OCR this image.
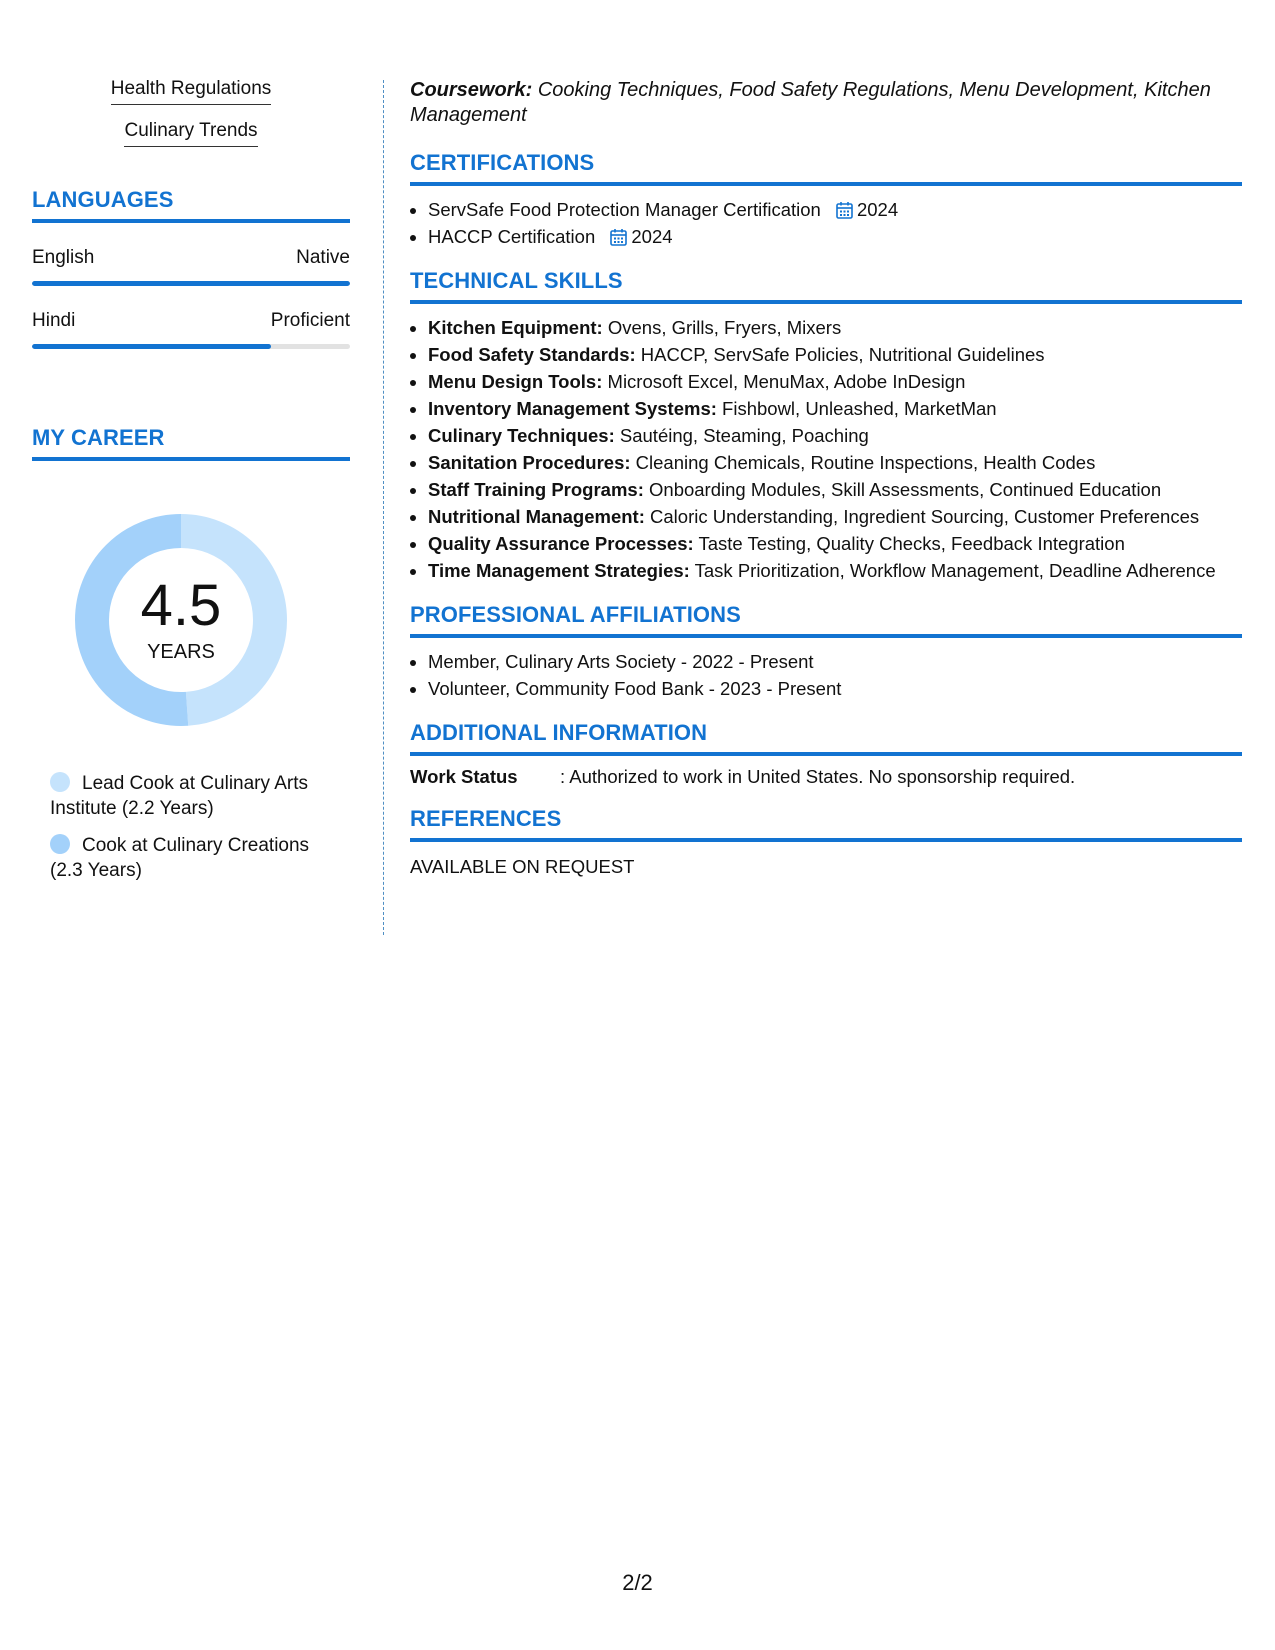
Health Regulations
Culinary Trends
LANGUAGES
English	Native
Hindi	Proficient
MY CAREER
4.5
YEARS
Lead Cook at Culinary Arts Institute (2.2 Years)
Cook at Culinary Creations (2.3 Years)

Coursework: Cooking Techniques, Food Safety Regulations, Menu Development, Kitchen Management

CERTIFICATIONS
• ServSafe Food Protection Manager Certification 2024
• HACCP Certification 2024
TECHNICAL SKILLS
• Kitchen Equipment: Ovens, Grills, Fryers, Mixers
• Food Safety Standards: HACCP, ServSafe Policies, Nutritional Guidelines
• Menu Design Tools: Microsoft Excel, MenuMax, Adobe InDesign
• Inventory Management Systems: Fishbowl, Unleashed, MarketMan
• Culinary Techniques: Sautéing, Steaming, Poaching
• Sanitation Procedures: Cleaning Chemicals, Routine Inspections, Health Codes
• Staff Training Programs: Onboarding Modules, Skill Assessments, Continued Education
• Nutritional Management: Caloric Understanding, Ingredient Sourcing, Customer Preferences
• Quality Assurance Processes: Taste Testing, Quality Checks, Feedback Integration
• Time Management Strategies: Task Prioritization, Workflow Management, Deadline Adherence
PROFESSIONAL AFFILIATIONS
• Member, Culinary Arts Society - 2022 - Present
• Volunteer, Community Food Bank - 2023 - Present
ADDITIONAL INFORMATION
Work Status	: Authorized to work in United States. No sponsorship required.
REFERENCES
AVAILABLE ON REQUEST
2/2
